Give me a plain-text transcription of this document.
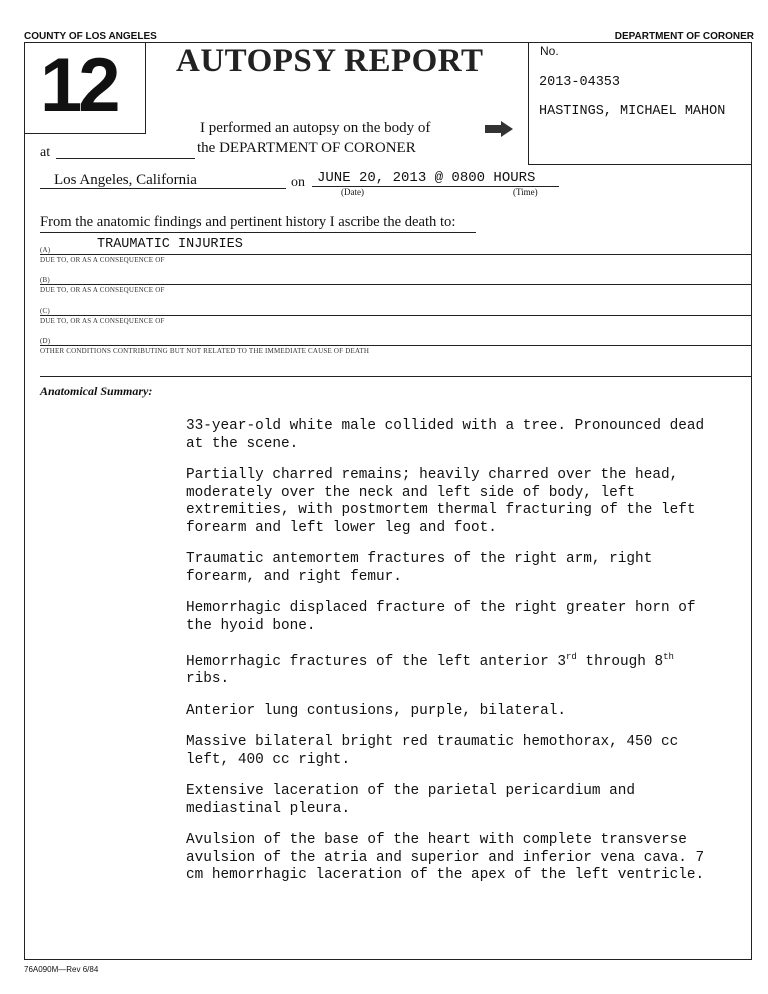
COUNTY OF LOS ANGELES	DEPARTMENT OF CORONER
12 AUTOPSY REPORT	No.
2013-04353
HASTINGS, MICHAEL MAHON
I performed an autopsy on the body of
the DEPARTMENT OF CORONER
at
Los Angeles, California	on JUNE 20, 2013 @ 0800 HOURS
(Date)	(Time)
From the anatomic findings and pertinent history I ascribe the death to:
(A)	TRAUMATIC INJURIES
DUE TO, OR AS A CONSEQUENCE OF
(B)
DUE TO, OR AS A CONSEQUENCE OF
(C)
DUE TO, OR AS A CONSEQUENCE OF
(D)
OTHER CONDITIONS CONTRIBUTING BUT NOT RELATED TO THE IMMEDIATE CAUSE OF DEATH
Anatomical Summary:

33-year-old white male collided with a tree. Pronounced dead at the scene.

Partially charred remains; heavily charred over the head, moderately over the neck and left side of body, left extremities, with postmortem thermal fracturing of the left forearm and left lower leg and foot.

Traumatic antemortem fractures of the right arm, right forearm, and right femur.

Hemorrhagic displaced fracture of the right greater horn of the hyoid bone.

Hemorrhagic fractures of the left anterior 3rd through 8th ribs.

Anterior lung contusions, purple, bilateral.

Massive bilateral bright red traumatic hemothorax, 450 cc left, 400 cc right.

Extensive laceration of the parietal pericardium and mediastinal pleura.

Avulsion of the base of the heart with complete transverse avulsion of the atria and superior and inferior vena cava. 7 cm hemorrhagic laceration of the apex of the left ventricle.

76A090M—Rev 6/84
